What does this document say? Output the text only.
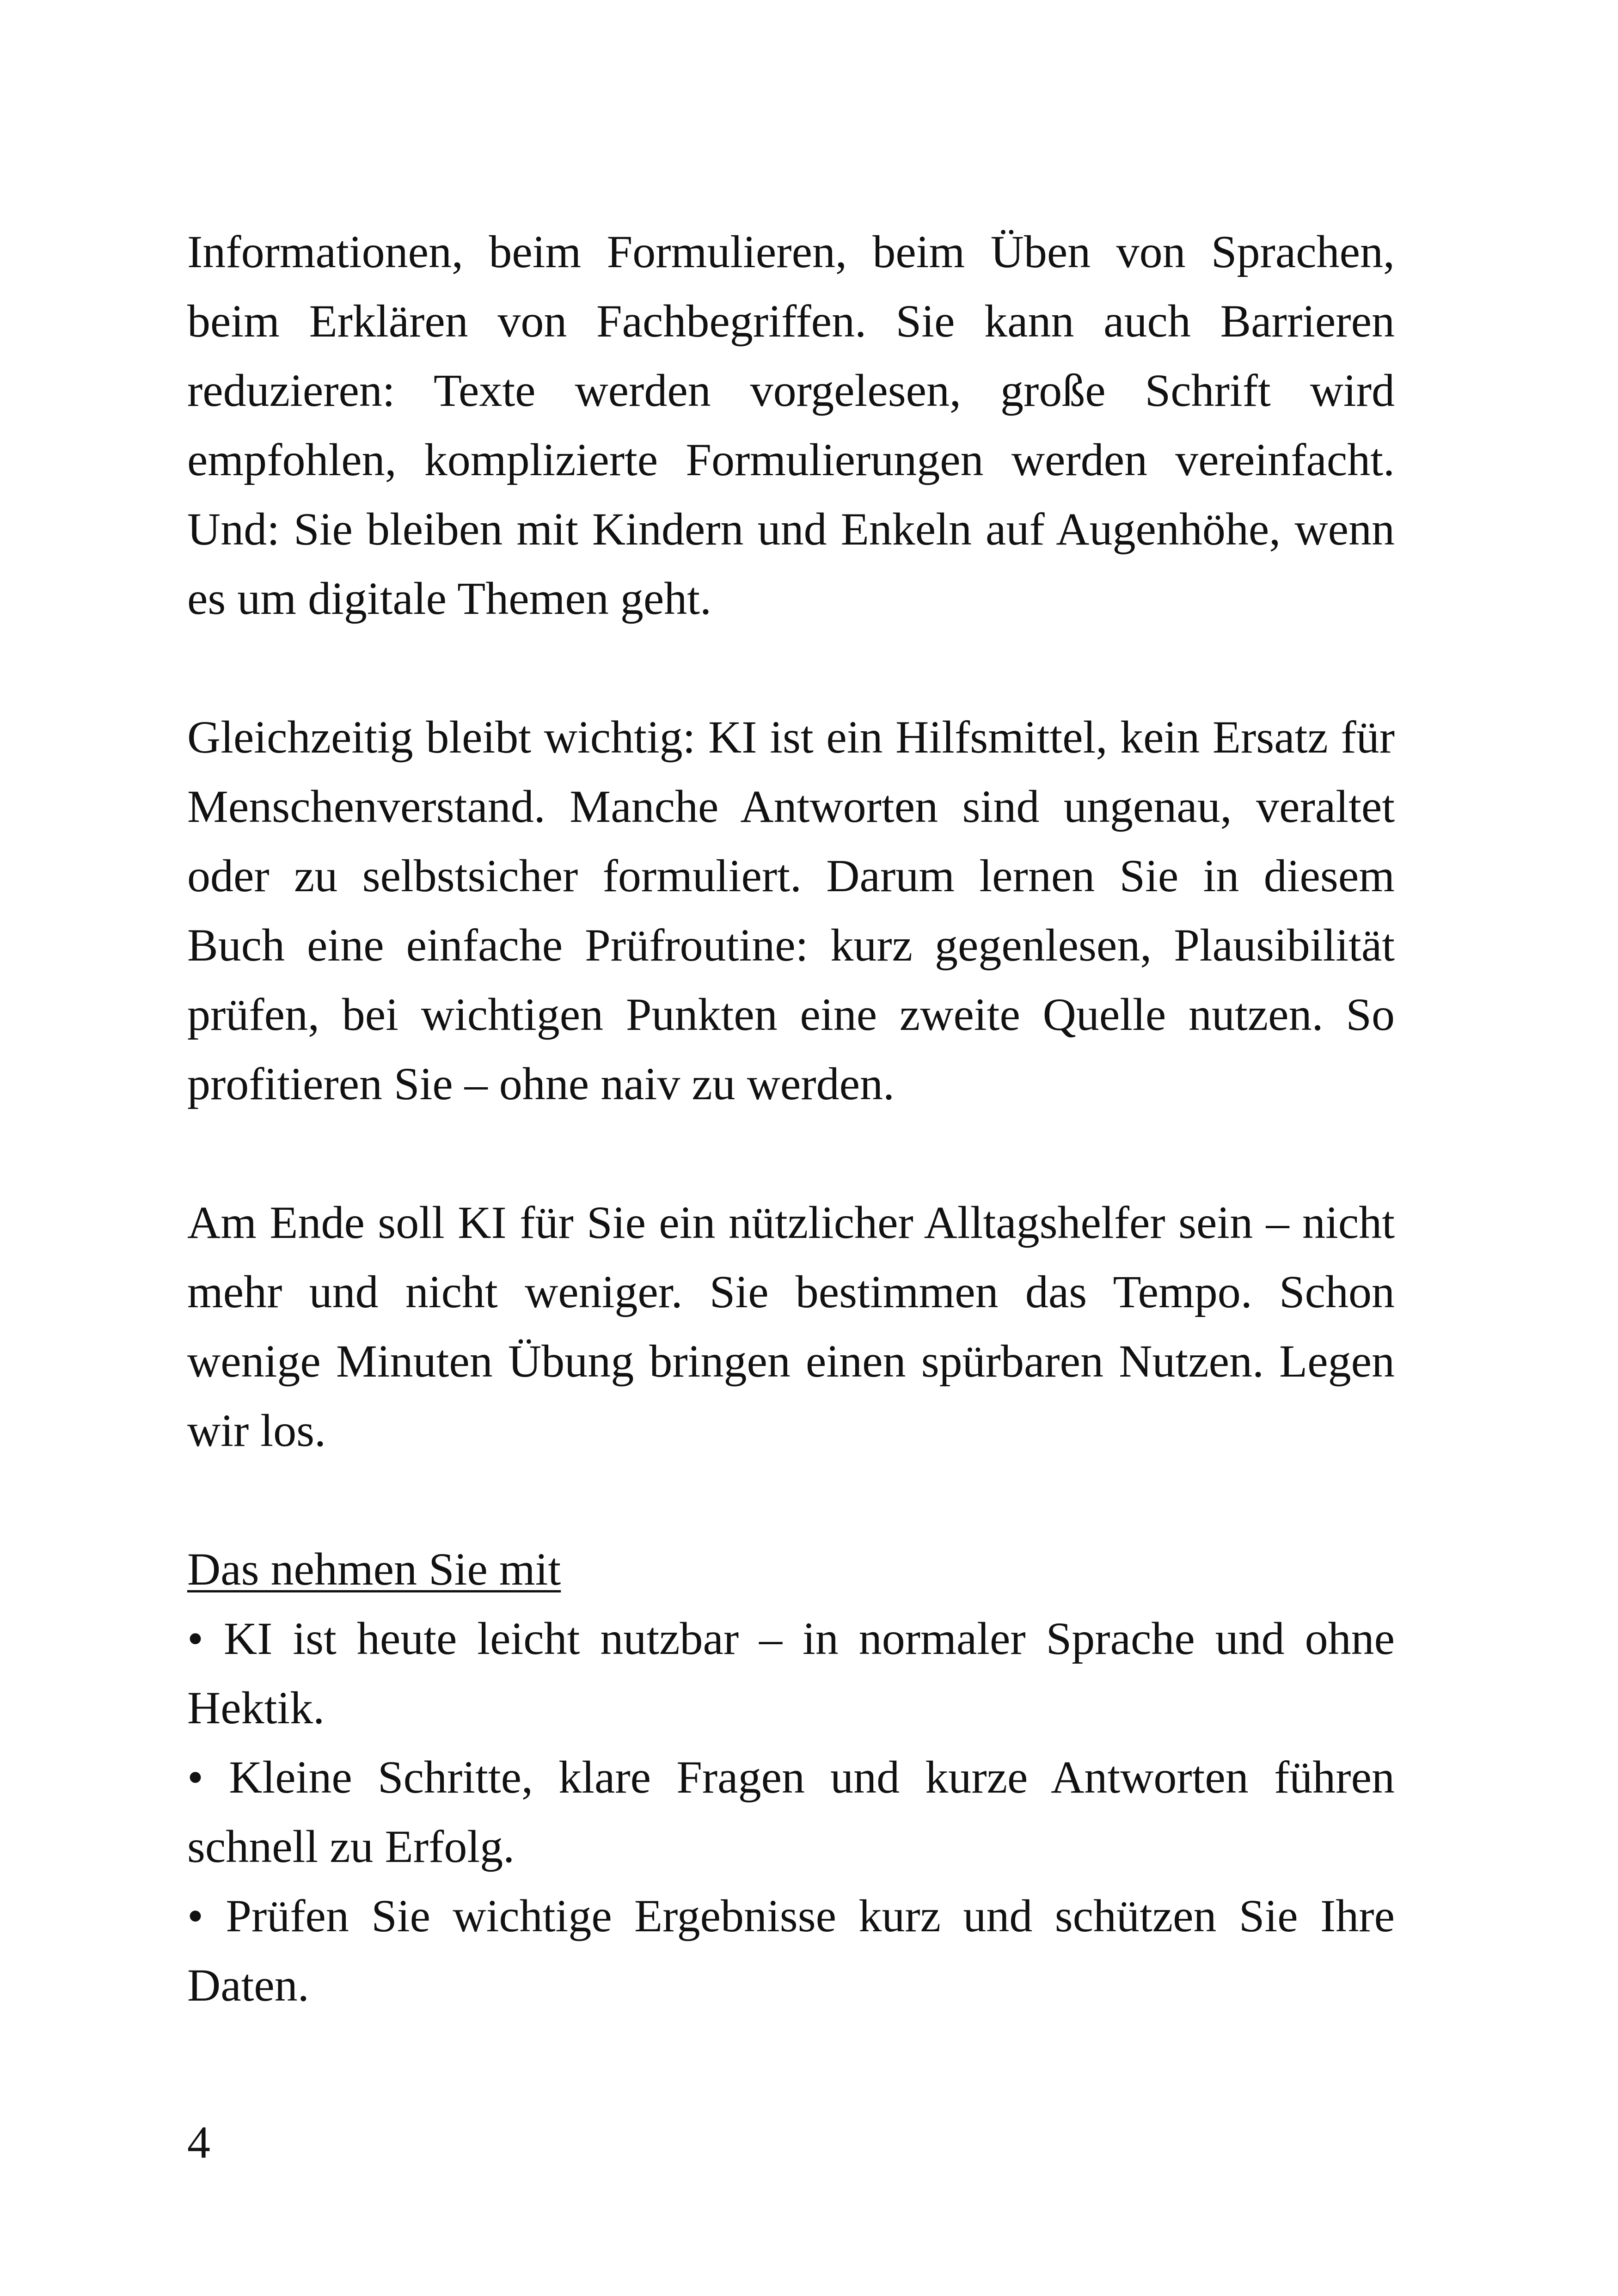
Informationen, beim Formulieren, beim Üben von Sprachen, beim Erklären von Fachbegriffen. Sie kann auch Barrieren reduzieren: Texte werden vorgelesen, große Schrift wird empfohlen, komplizierte Formulierungen werden vereinfacht. Und: Sie bleiben mit Kindern und Enkeln auf Augenhöhe, wenn es um digitale Themen geht.

Gleichzeitig bleibt wichtig: KI ist ein Hilfsmittel, kein Ersatz für Menschenverstand. Manche Antworten sind ungenau, veraltet oder zu selbstsicher formuliert. Darum lernen Sie in diesem Buch eine einfache Prüfroutine: kurz gegenlesen, Plausibilität prüfen, bei wichtigen Punkten eine zweite Quelle nutzen. So profitieren Sie – ohne naiv zu werden.

Am Ende soll KI für Sie ein nützlicher Alltagshelfer sein – nicht mehr und nicht weniger. Sie bestimmen das Tempo. Schon wenige Minuten Übung bringen einen spürbaren Nutzen. Legen wir los.

Das nehmen Sie mit

• KI ist heute leicht nutzbar – in normaler Sprache und ohne Hektik.

• Kleine Schritte, klare Fragen und kurze Antworten führen schnell zu Erfolg.

• Prüfen Sie wichtige Ergebnisse kurz und schützen Sie Ihre Daten.

4
